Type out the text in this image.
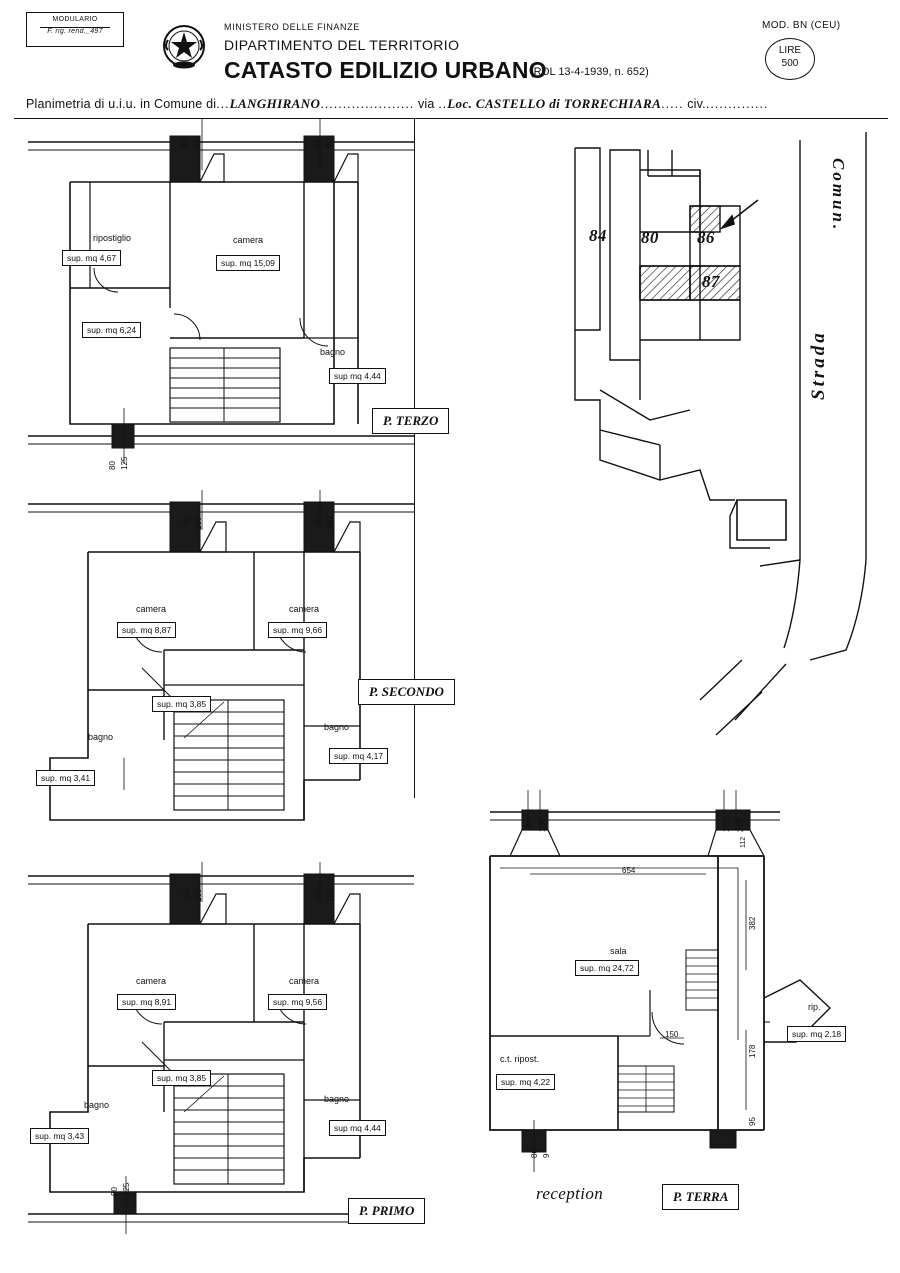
MODULARIO
F. rig. rend._497	MINISTERO DELLE FINANZE
DIPARTIMENTO DEL TERRITORIO
CATASTO EDILIZIO URBANO
(RDL 13-4-1939, n. 652)
MOD. BN (CEU)
LIRE
500
Planimetria di u.i.u. in Comune di...LANGHIRANO..................... via ..Loc. CASTELLO di TORRECHIARA..... civ...............
84 80 86
87
Strada
Comun.
90 90	90 90
80 125
ripostiglio
sup. mq 4,67
camera
sup. mq 15,09
sup. mq 6,24
bagno
sup mq 4,44
P. TERZO
90 180	90 180
camera
sup. mq 8,87
camera
sup. mq 9,66
sup. mq 3,85
bagno
sup. mq 4,17
bagno
sup. mq 3,41
P. SECONDO
90 180	90 180
80 125
camera
sup. mq 8,91
camera
sup. mq 9,56
sup. mq 3,85
bagno
sup mq 4,44
bagno
sup. mq 3,43
P. PRIMO
36 100	110 210
654
382
178
150
95
80 9
112
sala
sup. mq 24,72
c.t. ripost.
sup. mq 4,22
rip.
sup. mq 2,18
reception	P. TERRA
